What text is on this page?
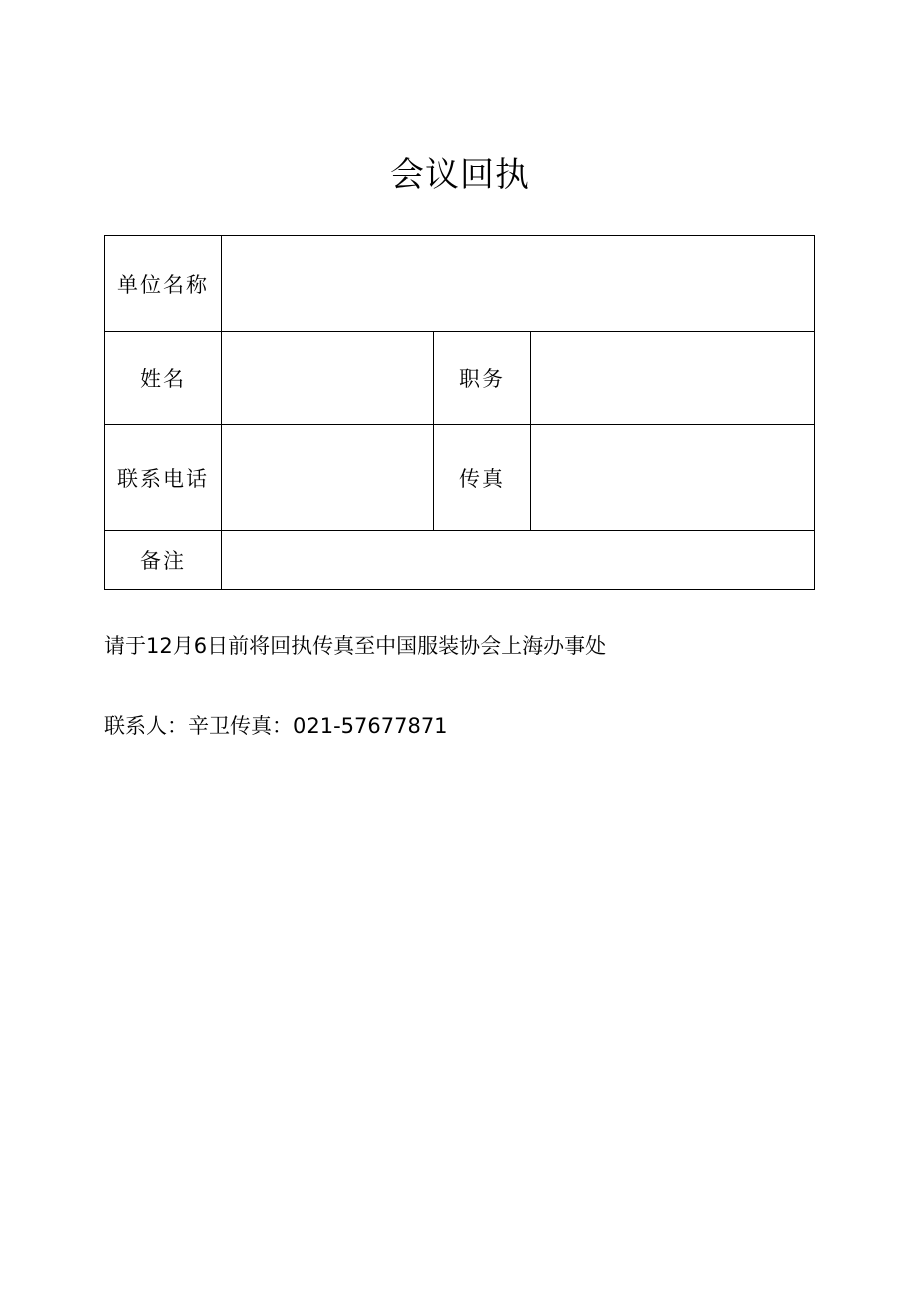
会议回执
单位名称			
姓名		职务	
联系电话		传真	
备注			
请于12月6日前将回执传真至中国服装协会上海办事处
联系人：辛卫传真：021-57677871
